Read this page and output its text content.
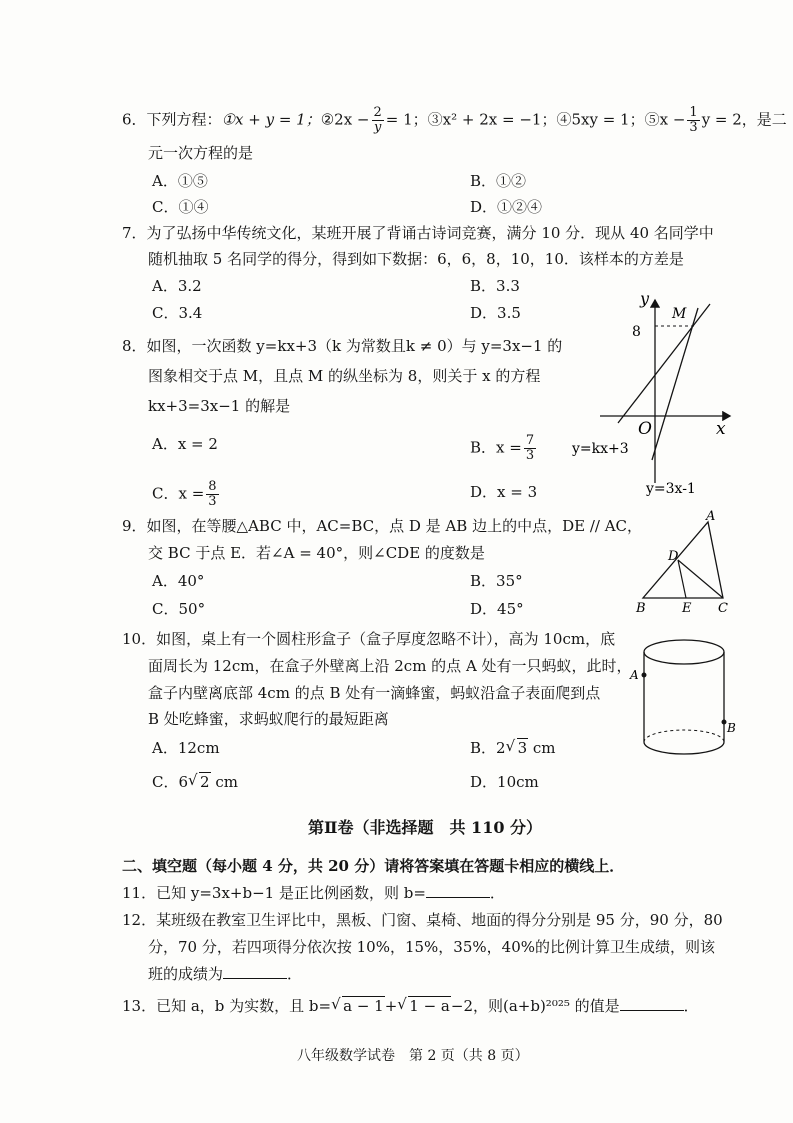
6．下列方程：①x + y = 1；②2x − $\frac{2}{y} = 1$；③x² + 2x = −1；④5xy = 1；⑤x − $\frac{1}{3}$ y = 2，是二
元一次方程的是
A．①⑤	B．①②
C．①④	D．①②④
7．为了弘扬中华传统文化，某班开展了背诵古诗词竞赛，满分 10 分．现从 40 名同学中
随机抽取 5 名同学的得分，得到如下数据：6，6，8，10，10．该样本的方差是
A．3.2	B．3.3
C．3.4	D．3.5
8．如图，一次函数 y=kx+3（k 为常数且k ≠ 0）与 y=3x−1 的
图象相交于点 M，且点 M 的纵坐标为 8，则关于 x 的方程
kx+3=3x−1 的解是
A．x = 2	B．$x = \frac{7}{3}$
C．$x = \frac{8}{3}$	D．x = 3
y
x
O
M
8
y=kx+3
y=3x-1
9．如图，在等腰△ABC 中，AC=BC，点 D 是 AB 边上的中点，DE // AC，
交 BC 于点 E．若∠A = 40°，则∠CDE 的度数是
A．40°	B．35°
C．50°	D．45°
A
B	C
D
E
10．如图，桌上有一个圆柱形盒子（盒子厚度忽略不计），高为 10cm，底
面周长为 12cm，在盒子外壁离上沿 2cm 的点 A 处有一只蚂蚁，此时，
盒子内壁离底部 4cm 的点 B 处有一滴蜂蜜，蚂蚁沿盒子表面爬到点
B 处吃蜂蜜，求蚂蚁爬行的最短距离
A．12cm	B．2 √ 3 cm
C．6 √ 2 cm	D．10cm
A
B
第Ⅱ卷（非选择题　共 110 分）
二、填空题（每小题 4 分，共 20 分）请将答案填在答题卡相应的横线上．
11．已知 y=3x+b−1 是正比例函数，则 b=	．
12．某班级在教室卫生评比中，黑板、门窗、桌椅、地面的得分分别是 95 分，90 分，80
分，70 分，若四项得分依次按 10%，15%，35%，40%的比例计算卫生成绩，则该
班的成绩为	．
13．已知 a，b 为实数，且 b= √ a − 1+ √ 1 − a−2，则(a+b)²⁰²⁵ 的值是	．
八年级数学试卷　第 2 页（共 8 页）
